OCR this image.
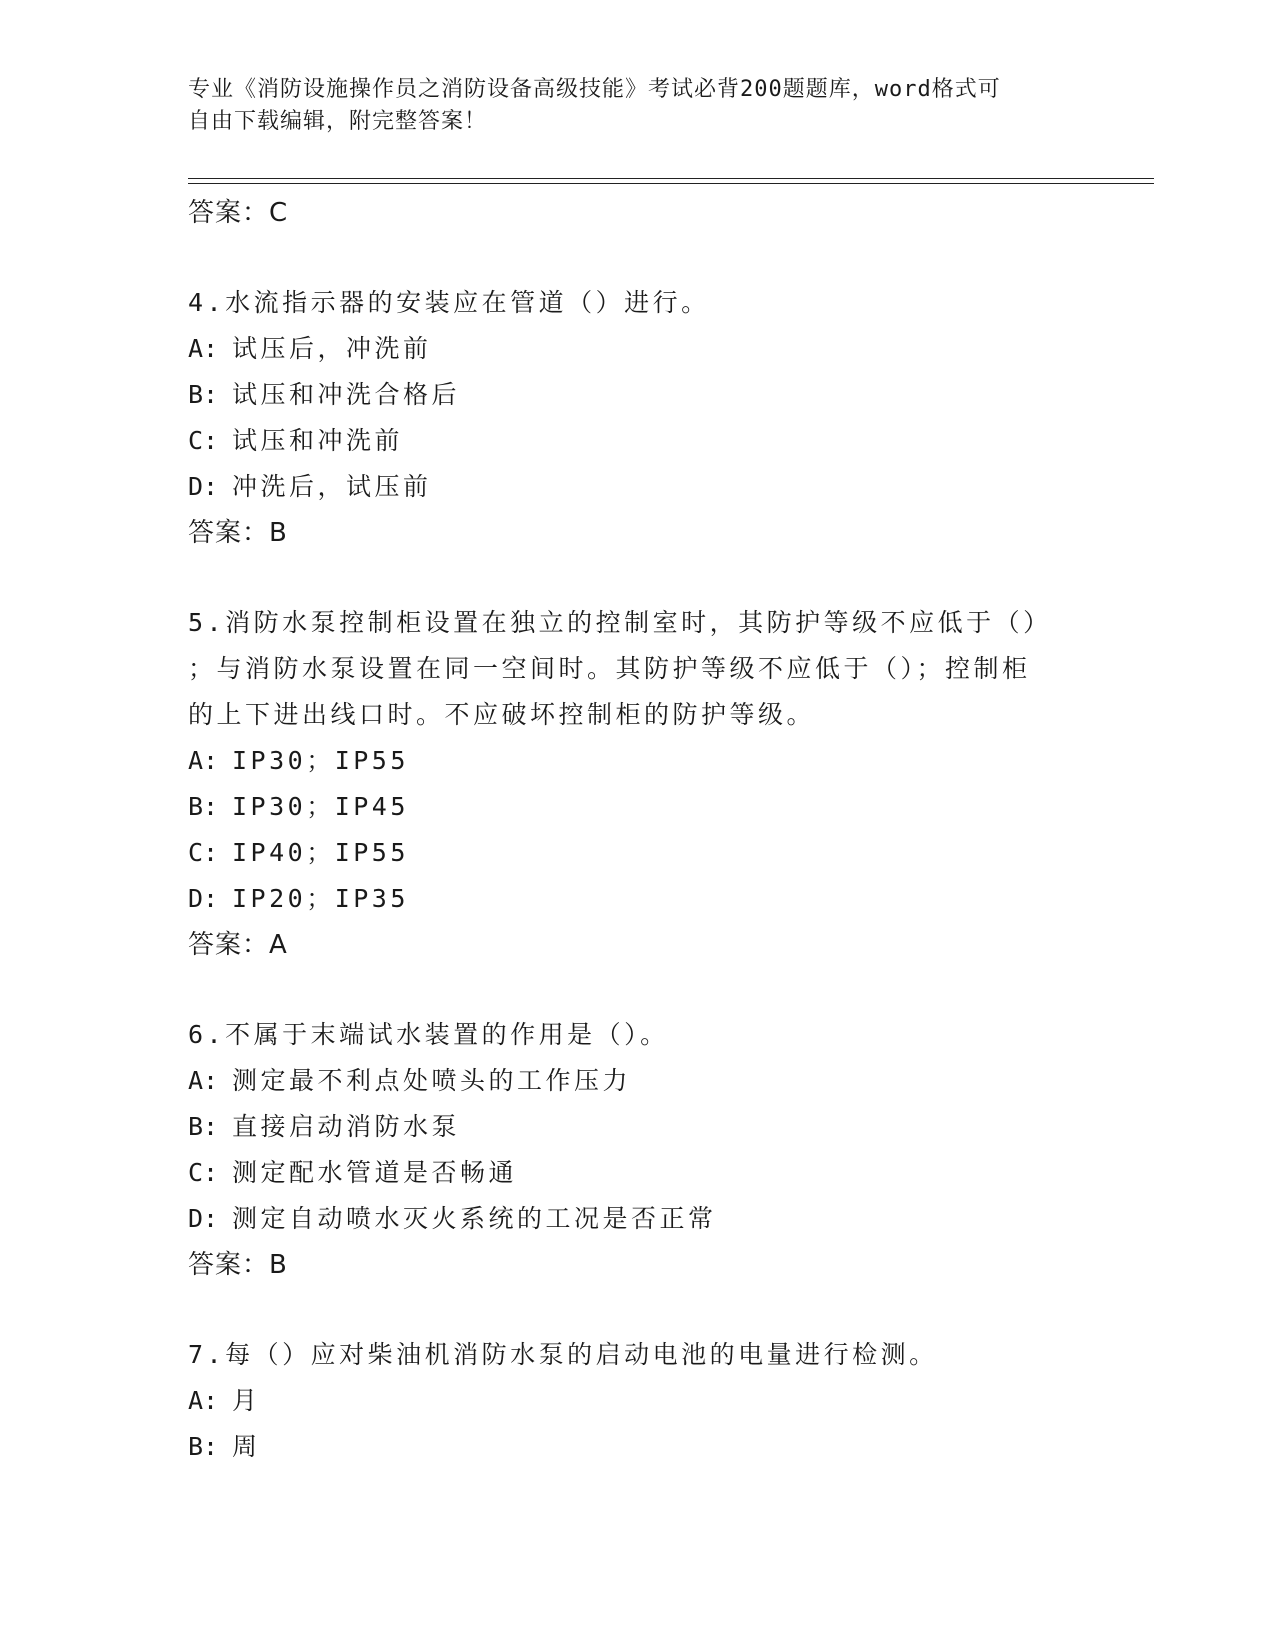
专业《消防设施操作员之消防设备高级技能》考试必背200题题库，word格式可
自由下载编辑，附完整答案！
答案：C
4.水流指示器的安装应在管道（）进行。
A: 试压后，冲洗前
B: 试压和冲洗合格后
C: 试压和冲洗前
D: 冲洗后，试压前
答案：B
5.消防水泵控制柜设置在独立的控制室时，其防护等级不应低于（）
；与消防水泵设置在同一空间时。其防护等级不应低于（）；控制柜
的上下进出线口时。不应破坏控制柜的防护等级。
A: IP30；IP55
B: IP30；IP45
C: IP40；IP55
D: IP20；IP35
答案：A
6.不属于末端试水装置的作用是（）。
A: 测定最不利点处喷头的工作压力
B: 直接启动消防水泵
C: 测定配水管道是否畅通
D: 测定自动喷水灭火系统的工况是否正常
答案：B
7.每（）应对柴油机消防水泵的启动电池的电量进行检测。
A: 月
B: 周
